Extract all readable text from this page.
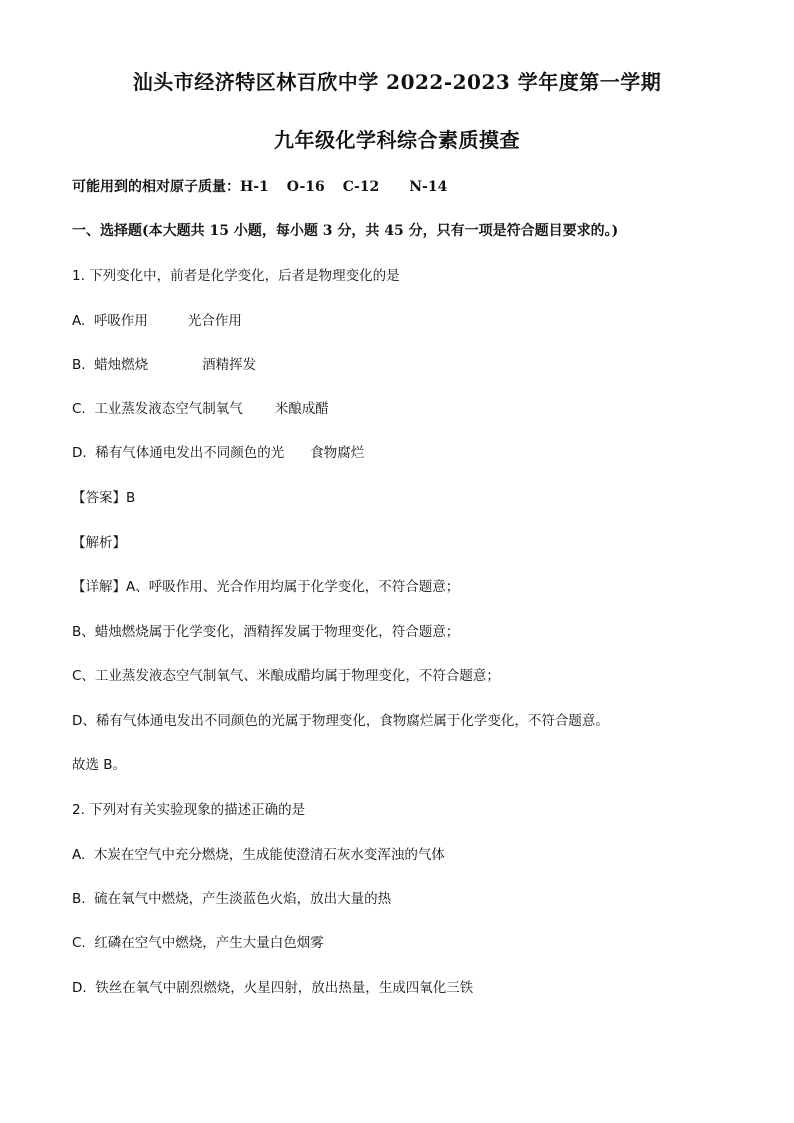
汕头市经济特区林百欣中学 2022-2023 学年度第一学期
九年级化学科综合素质摸查
可能用到的相对原子质量：H-1 O-16 C-12 N-14
一、选择题(本大题共 15 小题，每小题 3 分，共 45 分，只有一项是符合题目要求的。)
1. 下列变化中，前者是化学变化，后者是物理变化的是
A. 呼吸作用	光合作用
B. 蜡烛燃烧	酒精挥发
C. 工业蒸发液态空气制氧气 米酿成醋
D. 稀有气体通电发出不同颜色的光 食物腐烂
【答案】B
【解析】
【详解】A、呼吸作用、光合作用均属于化学变化，不符合题意；
B、蜡烛燃烧属于化学变化，酒精挥发属于物理变化，符合题意；
C、工业蒸发液态空气制氧气、米酿成醋均属于物理变化，不符合题意；
D、稀有气体通电发出不同颜色的光属于物理变化，食物腐烂属于化学变化，不符合题意。
故选 B。
2. 下列对有关实验现象的描述正确的是
A. 木炭在空气中充分燃烧，生成能使澄清石灰水变浑浊的气体
B. 硫在氧气中燃烧，产生淡蓝色火焰，放出大量的热
C. 红磷在空气中燃烧，产生大量白色烟雾
D. 铁丝在氧气中剧烈燃烧，火星四射，放出热量，生成四氧化三铁
